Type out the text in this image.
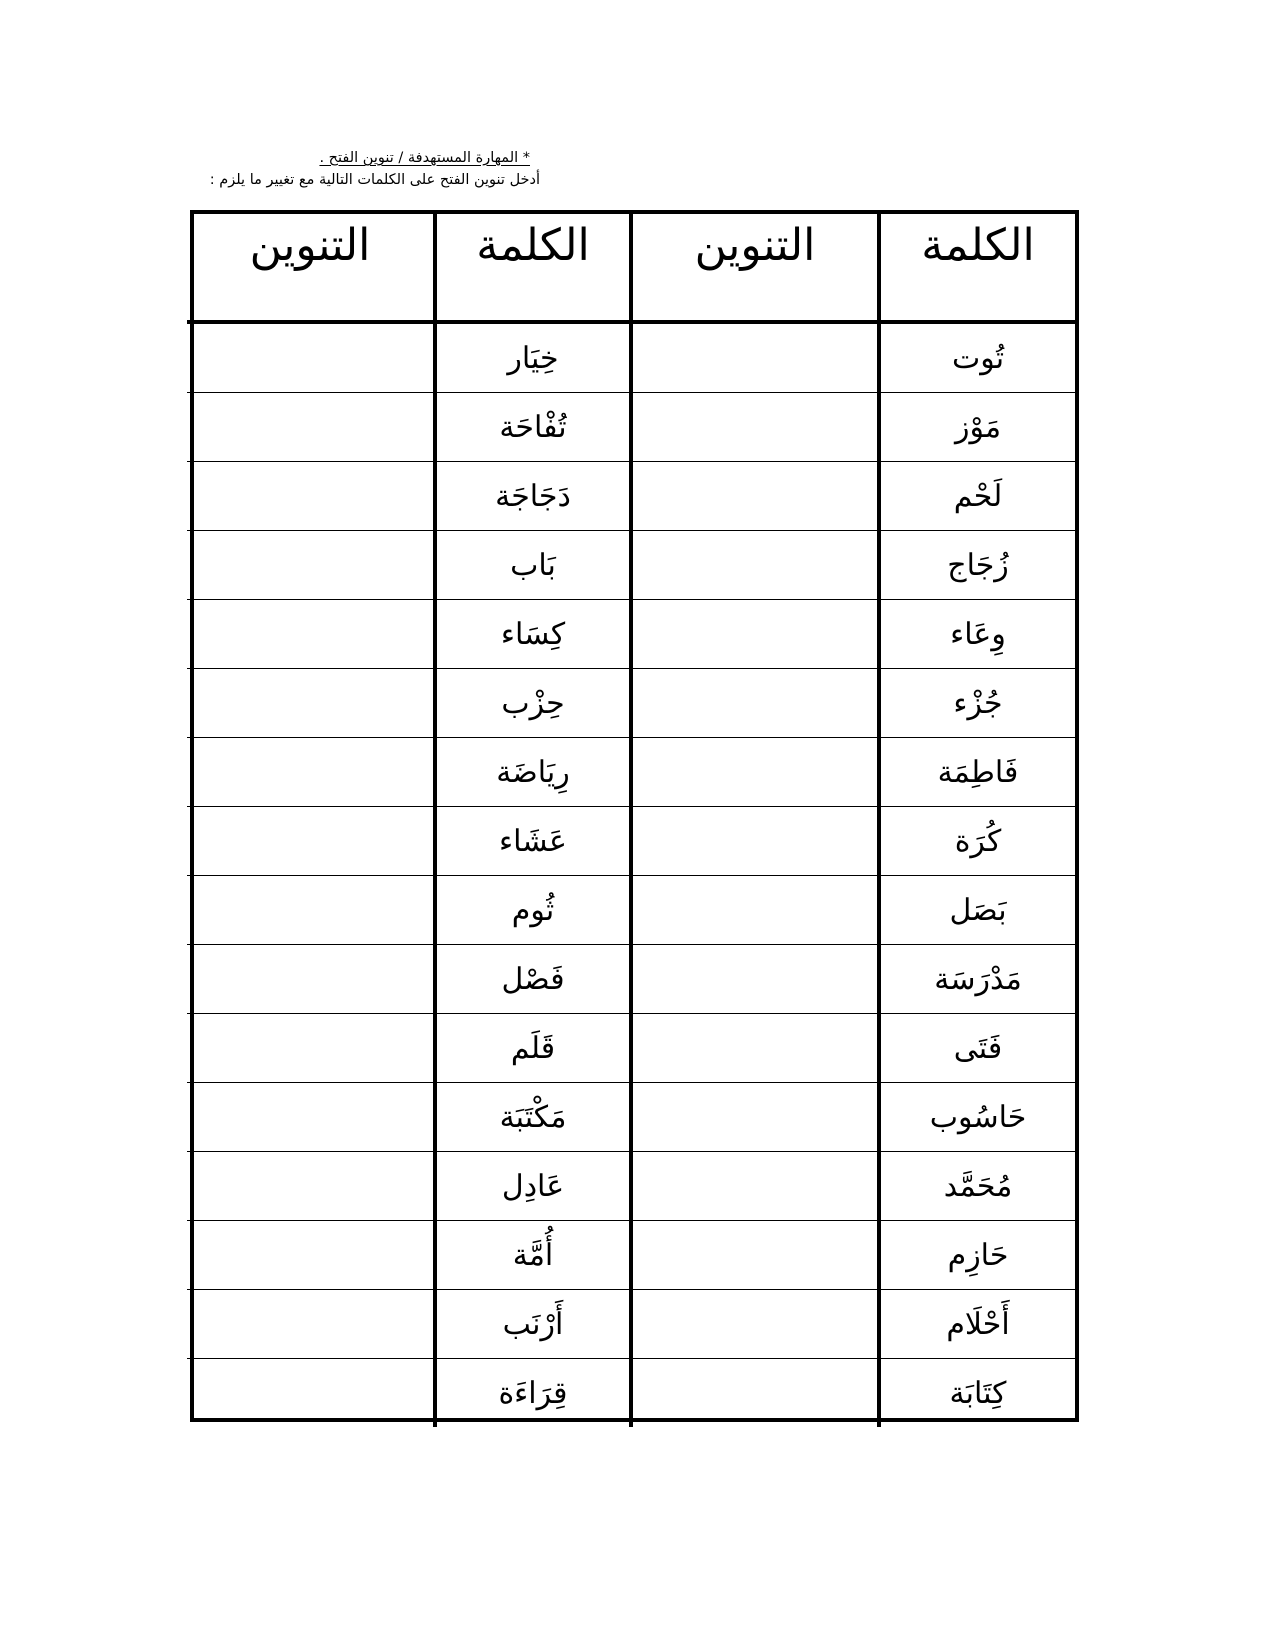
* المهارة المستهدفة / تنوين الفتح .
أدخل تنوين الفتح على الكلمات التالية مع تغيير ما يلزم :
الكلمة	التنوين	الكلمة	التنوين
تُوت		خِيَار	
مَوْز		تُفْاحَة	
لَحْم		دَجَاجَة	
زُجَاج		بَاب	
وِعَاء		كِسَاء	
جُزْء		حِزْب	
فَاطِمَة		رِيَاضَة	
كُرَة		عَشَاء	
بَصَل		ثُوم	
مَدْرَسَة		فَصْل	
فَتَى		قَلَم	
حَاسُوب		مَكْتَبَة	
مُحَمَّد		عَادِل	
حَازِم		أُمَّة	
أَحْلَام		أَرْنَب	
كِتَابَة		قِرَاءَة	
